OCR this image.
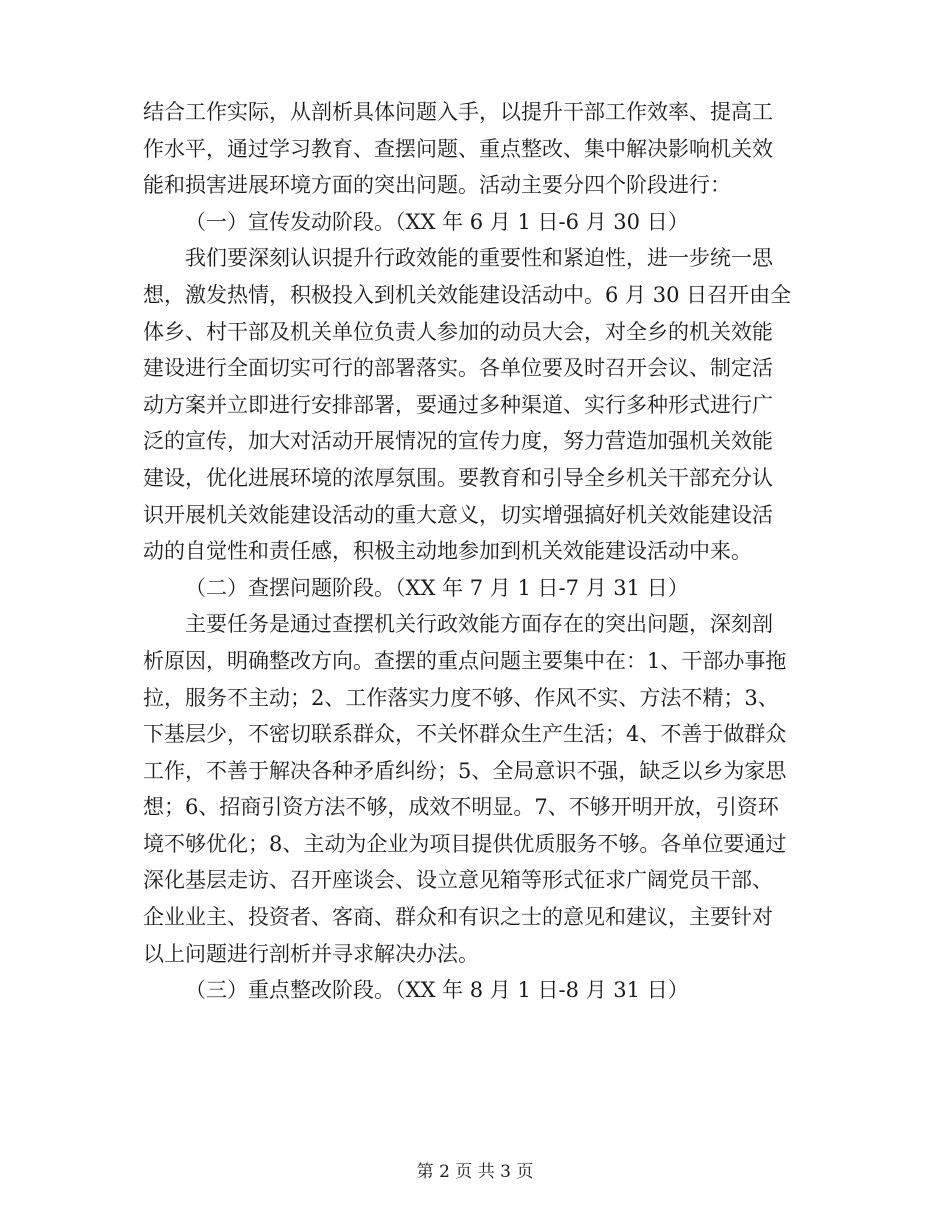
结合工作实际，从剖析具体问题入手，以提升干部工作效率、提高工
作水平，通过学习教育、查摆问题、重点整改、集中解决影响机关效
能和损害进展环境方面的突出问题。活动主要分四个阶段进行：
（一）宣传发动阶段。（XX 年 6 月 1 日-6 月 30 日）
我们要深刻认识提升行政效能的重要性和紧迫性，进一步统一思
想，激发热情，积极投入到机关效能建设活动中。6 月 30 日召开由全
体乡、村干部及机关单位负责人参加的动员大会，对全乡的机关效能
建设进行全面切实可行的部署落实。各单位要及时召开会议、制定活
动方案并立即进行安排部署，要通过多种渠道、实行多种形式进行广
泛的宣传，加大对活动开展情况的宣传力度，努力营造加强机关效能
建设，优化进展环境的浓厚氛围。要教育和引导全乡机关干部充分认
识开展机关效能建设活动的重大意义，切实增强搞好机关效能建设活
动的自觉性和责任感，积极主动地参加到机关效能建设活动中来。
（二）查摆问题阶段。（XX 年 7 月 1 日-7 月 31 日）
主要任务是通过查摆机关行政效能方面存在的突出问题，深刻剖
析原因，明确整改方向。查摆的重点问题主要集中在：1、干部办事拖
拉，服务不主动；2、工作落实力度不够、作风不实、方法不精；3、
下基层少，不密切联系群众，不关怀群众生产生活；4、不善于做群众
工作，不善于解决各种矛盾纠纷；5、全局意识不强，缺乏以乡为家思
想；6、招商引资方法不够，成效不明显。7、不够开明开放，引资环
境不够优化；8、主动为企业为项目提供优质服务不够。各单位要通过
深化基层走访、召开座谈会、设立意见箱等形式征求广阔党员干部、
企业业主、投资者、客商、群众和有识之士的意见和建议，主要针对
以上问题进行剖析并寻求解决办法。
（三）重点整改阶段。（XX 年 8 月 1 日-8 月 31 日）
第 2 页 共 3 页
